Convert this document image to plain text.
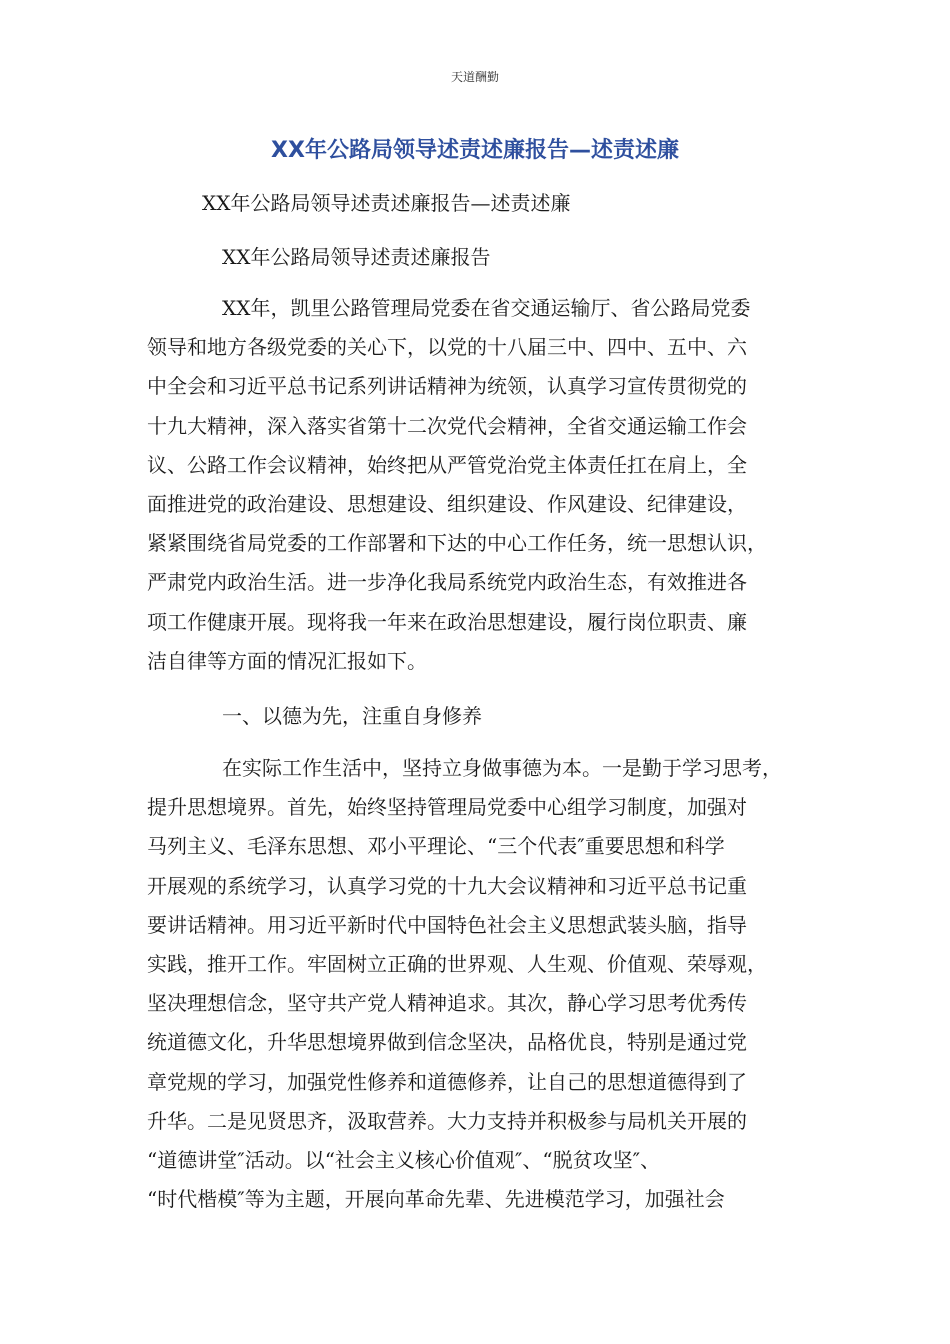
天道酬勤
XX年公路局领导述责述廉报告—述责述廉
XX年公路局领导述责述廉报告—述责述廉
XX年公路局领导述责述廉报告
XX年，凯里公路管理局党委在省交通运输厅、省公路局党委
领导和地方各级党委的关心下，以党的十八届三中、四中、五中、六
中全会和习近平总书记系列讲话精神为统领，认真学习宣传贯彻党的
十九大精神，深入落实省第十二次党代会精神，全省交通运输工作会
议、公路工作会议精神，始终把从严管党治党主体责任扛在肩上，全
面推进党的政治建设、思想建设、组织建设、作风建设、纪律建设，
紧紧围绕省局党委的工作部署和下达的中心工作任务，统一思想认识，
严肃党内政治生活。进一步净化我局系统党内政治生态，有效推进各
项工作健康开展。现将我一年来在政治思想建设，履行岗位职责、廉
洁自律等方面的情况汇报如下。
一、以德为先，注重自身修养
在实际工作生活中，坚持立身做事德为本。一是勤于学习思考，
提升思想境界。首先，始终坚持管理局党委中心组学习制度，加强对
马列主义、毛泽东思想、邓小平理论、“三个代表″重要思想和科学
开展观的系统学习，认真学习党的十九大会议精神和习近平总书记重
要讲话精神。用习近平新时代中国特色社会主义思想武装头脑，指导
实践，推开工作。牢固树立正确的世界观、人生观、价值观、荣辱观，
坚决理想信念，坚守共产党人精神追求。其次，静心学习思考优秀传
统道德文化，升华思想境界做到信念坚决，品格优良，特别是通过党
章党规的学习，加强党性修养和道德修养，让自己的思想道德得到了
升华。二是见贤思齐，汲取营养。大力支持并积极参与局机关开展的
“道德讲堂″活动。以“社会主义核心价值观″、“脱贫攻坚″、
“时代楷模″等为主题，开展向革命先辈、先进模范学习，加强社会
